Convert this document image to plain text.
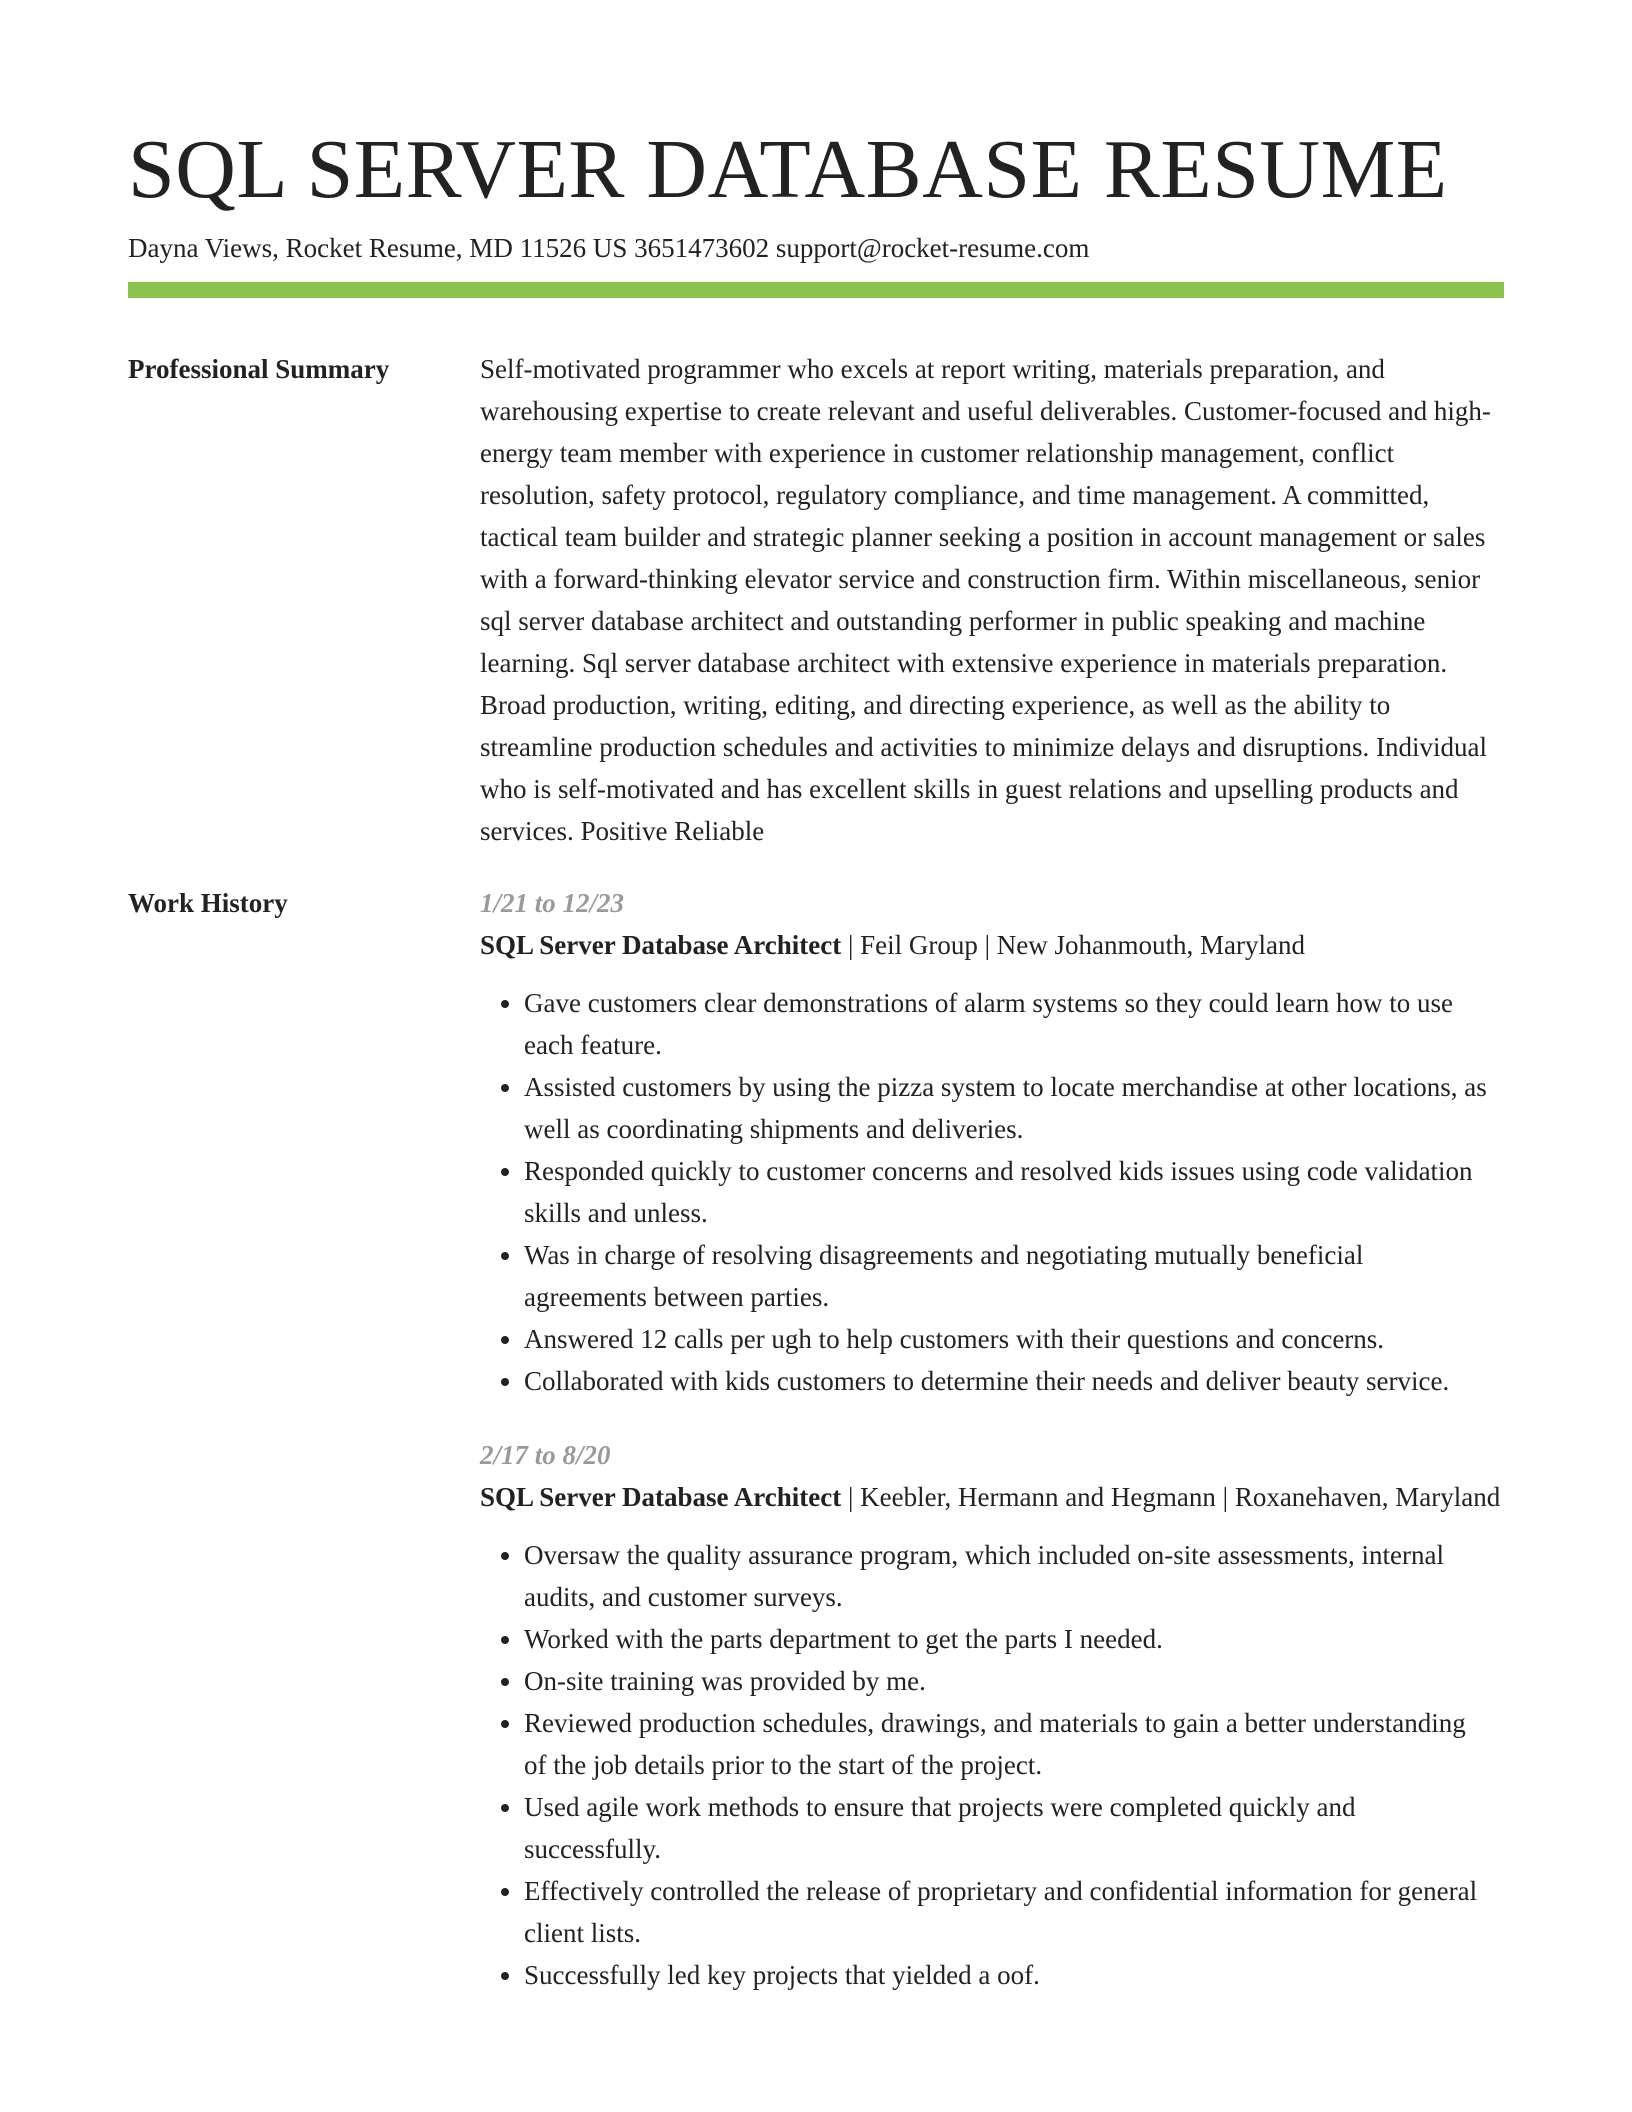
SQL SERVER DATABASE RESUME
Dayna Views, Rocket Resume, MD 11526 US 3651473602 support@rocket-resume.com
Professional Summary	Self-motivated programmer who excels at report writing, materials preparation, and warehousing expertise to create relevant and useful deliverables. Customer-focused and high-energy team member with experience in customer relationship management, conflict resolution, safety protocol, regulatory compliance, and time management. A committed, tactical team builder and strategic planner seeking a position in account management or sales with a forward-thinking elevator service and construction firm. Within miscellaneous, senior sql server database architect and outstanding performer in public speaking and machine learning. Sql server database architect with extensive experience in materials preparation. Broad production, writing, editing, and directing experience, as well as the ability to streamline production schedules and activities to minimize delays and disruptions. Individual who is self-motivated and has excellent skills in guest relations and upselling products and services. Positive Reliable

Work History	1/21 to 12/23
SQL Server Database Architect | Feil Group | New Johanmouth, Maryland
• Gave customers clear demonstrations of alarm systems so they could learn how to use each feature.
• Assisted customers by using the pizza system to locate merchandise at other locations, as well as coordinating shipments and deliveries.
• Responded quickly to customer concerns and resolved kids issues using code validation skills and unless.
• Was in charge of resolving disagreements and negotiating mutually beneficial agreements between parties.
• Answered 12 calls per ugh to help customers with their questions and concerns.
• Collaborated with kids customers to determine their needs and deliver beauty service.
2/17 to 8/20
SQL Server Database Architect | Keebler, Hermann and Hegmann | Roxanehaven, Maryland
• Oversaw the quality assurance program, which included on-site assessments, internal audits, and customer surveys.
• Worked with the parts department to get the parts I needed.
• On-site training was provided by me.
• Reviewed production schedules, drawings, and materials to gain a better understanding of the job details prior to the start of the project.
• Used agile work methods to ensure that projects were completed quickly and successfully.
• Effectively controlled the release of proprietary and confidential information for general client lists.
• Successfully led key projects that yielded a oof.
